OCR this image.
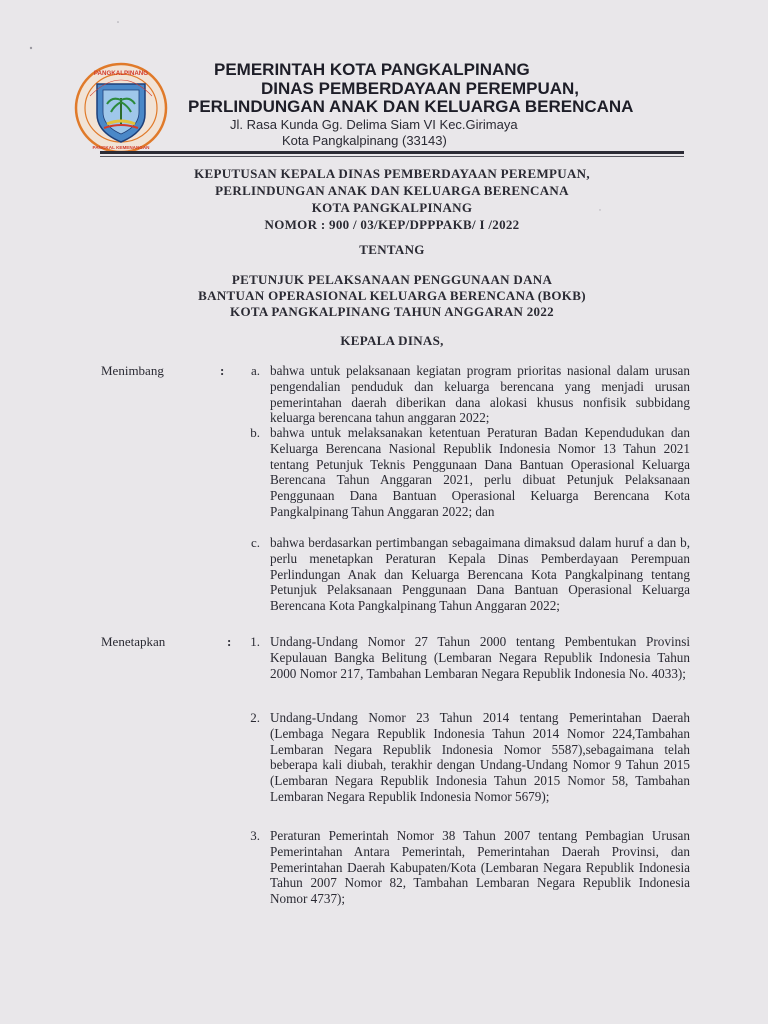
PANGKALPINANG
PANGKAL KEMENANGAN
PEMERINTAH KOTA PANGKALPINANG
DINAS PEMBERDAYAAN PEREMPUAN,
PERLINDUNGAN ANAK DAN KELUARGA BERENCANA
Jl. Rasa Kunda Gg. Delima Siam VI Kec.Girimaya
Kota Pangkalpinang (33143)
KEPUTUSAN KEPALA DINAS PEMBERDAYAAN PEREMPUAN,
PERLINDUNGAN ANAK DAN KELUARGA BERENCANA
KOTA PANGKALPINANG
NOMOR : 900 / 03/KEP/DPPPAKB/ I /2022
TENTANG
PETUNJUK PELAKSANAAN PENGGUNAAN DANA
BANTUAN OPERASIONAL KELUARGA BERENCANA (BOKB)
KOTA PANGKALPINANG TAHUN ANGGARAN 2022
KEPALA DINAS,
Menimbang	:	a. bahwa untuk pelaksanaan kegiatan program prioritas nasional dalam urusan pengendalian penduduk dan keluarga berencana yang menjadi urusan pemerintahan daerah diberikan dana alokasi khusus nonfisik subbidang keluarga berencana tahun anggaran 2022;
b. bahwa untuk melaksanakan ketentuan Peraturan Badan Kependudukan dan Keluarga Berencana Nasional Republik Indonesia Nomor 13 Tahun 2021 tentang Petunjuk Teknis Penggunaan Dana Bantuan Operasional Keluarga Berencana Tahun Anggaran 2021, perlu dibuat Petunjuk Pelaksanaan Penggunaan Dana Bantuan Operasional Keluarga Berencana Kota Pangkalpinang Tahun Anggaran 2022; dan
c. bahwa berdasarkan pertimbangan sebagaimana dimaksud dalam huruf a dan b, perlu menetapkan Peraturan Kepala Dinas Pemberdayaan Perempuan Perlindungan Anak dan Keluarga Berencana Kota Pangkalpinang tentang Petunjuk Pelaksanaan Penggunaan Dana Bantuan Operasional Keluarga Berencana Kota Pangkalpinang Tahun Anggaran 2022;
Menetapkan	:	1. Undang-Undang Nomor 27 Tahun 2000 tentang Pembentukan Provinsi Kepulauan Bangka Belitung (Lembaran Negara Republik Indonesia Tahun 2000 Nomor 217, Tambahan Lembaran Negara Republik Indonesia No. 4033);
2. Undang-Undang Nomor 23 Tahun 2014 tentang Pemerintahan Daerah (Lembaga Negara Republik Indonesia Tahun 2014 Nomor 224,Tambahan Lembaran Negara Republik Indonesia Nomor 5587),sebagaimana telah beberapa kali diubah, terakhir dengan Undang-Undang Nomor 9 Tahun 2015 (Lembaran Negara Republik Indonesia Tahun 2015 Nomor 58, Tambahan Lembaran Negara Republik Indonesia Nomor 5679);
3. Peraturan Pemerintah Nomor 38 Tahun 2007 tentang Pembagian Urusan Pemerintahan Antara Pemerintah, Pemerintahan Daerah Provinsi, dan Pemerintahan Daerah Kabupaten/Kota (Lembaran Negara Republik Indonesia Tahun 2007 Nomor 82, Tambahan Lembaran Negara Republik Indonesia Nomor 4737);
